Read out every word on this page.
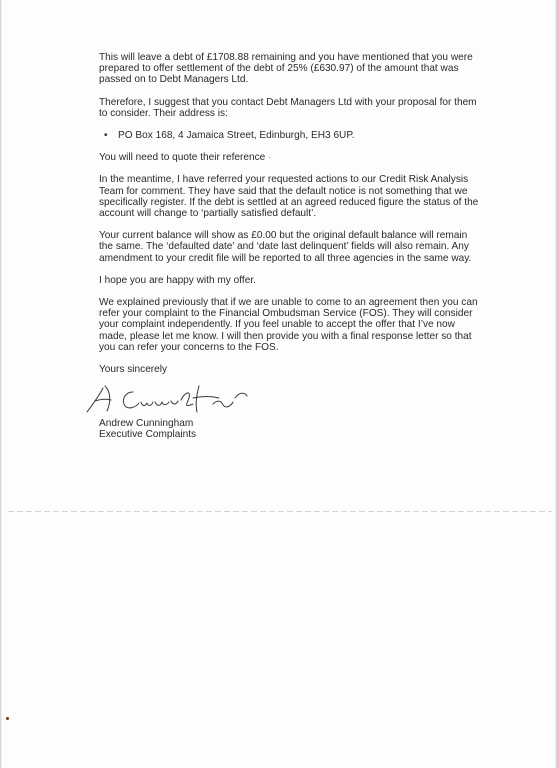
This will leave a debt of £1708.88 remaining and you have mentioned that you were prepared to offer settlement of the debt of 25% (£630.97) of the amount that was passed on to Debt Managers Ltd.

Therefore, I suggest that you contact Debt Managers Ltd with your proposal for them to consider. Their address is:

• PO Box 168, 4 Jamaica Street, Edinburgh, EH3 6UP.

You will need to quote their reference ·

In the meantime, I have referred your requested actions to our Credit Risk Analysis Team for comment. They have said that the default notice is not something that we specifically register. If the debt is settled at an agreed reduced figure the status of the account will change to ‘partially satisfied default’.

Your current balance will show as £0.00 but the original default balance will remain the same. The ‘defaulted date’ and ‘date last delinquent’ fields will also remain. Any amendment to your credit file will be reported to all three agencies in the same way.

I hope you are happy with my offer.

We explained previously that if we are unable to come to an agreement then you can refer your complaint to the Financial Ombudsman Service (FOS). They will consider your complaint independently. If you feel unable to accept the offer that I’ve now made, please let me know. I will then provide you with a final response letter so that you can refer your concerns to the FOS.

Yours sincerely

Andrew Cunningham

Executive Complaints
